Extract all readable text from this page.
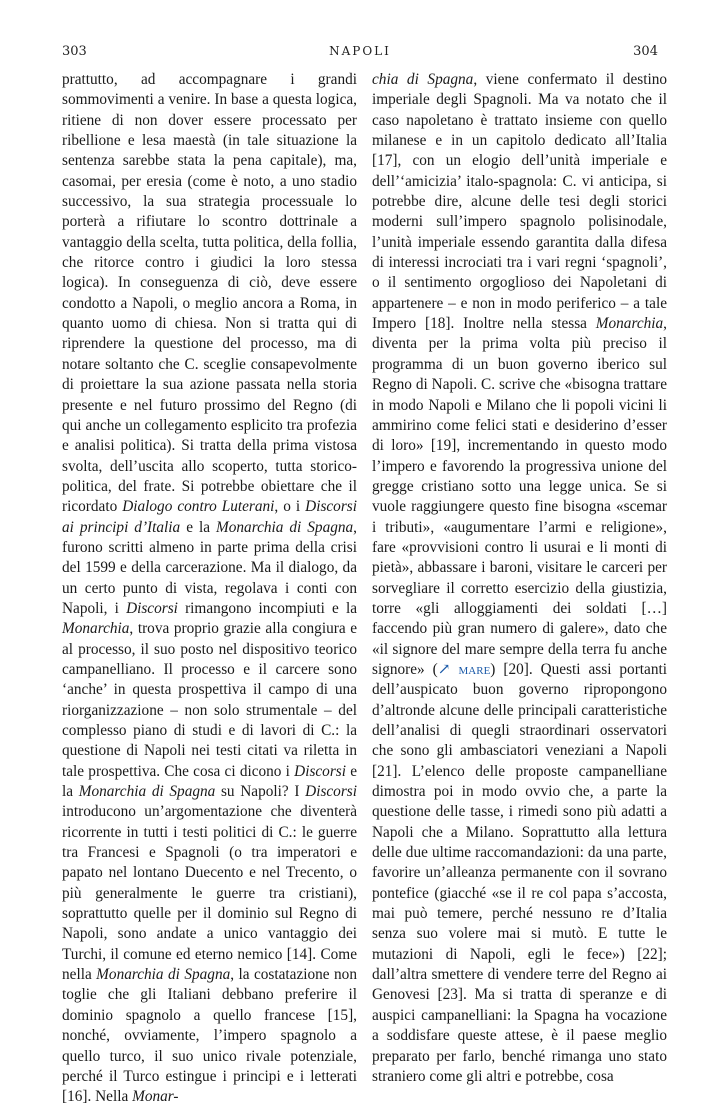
303	NAPOLI	304

prattutto, ad accompagnare i grandi sommovimenti a venire. In base a questa logica, ritiene di non dover essere processato per ribellione e lesa maestà (in tale situazione la sentenza sarebbe stata la pena capitale), ma, casomai, per eresia (come è noto, a uno stadio successivo, la sua strategia processuale lo porterà a rifiutare lo scontro dottrinale a vantaggio della scelta, tutta politica, della follia, che ritorce contro i giudici la loro stessa logica). In conseguenza di ciò, deve essere condotto a Napoli, o meglio ancora a Roma, in quanto uomo di chiesa. Non si tratta qui di riprendere la questione del processo, ma di notare soltanto che C. sceglie consapevolmente di proiettare la sua azione passata nella storia presente e nel futuro prossimo del Regno (di qui anche un collegamento esplicito tra profezia e analisi politica). Si tratta della prima vistosa svolta, dell’uscita allo scoperto, tutta storico-politica, del frate. Si potrebbe obiettare che il ricordato Dialogo contro Luterani, o i Discorsi ai principi d’Italia e la Monarchia di Spagna, furono scritti almeno in parte prima della crisi del 1599 e della carcerazione. Ma il dialogo, da un certo punto di vista, regolava i conti con Napoli, i Discorsi rimangono incompiuti e la Monarchia, trova proprio grazie alla congiura e al processo, il suo posto nel dispositivo teorico campanelliano. Il processo e il carcere sono ‘anche’ in questa prospettiva il campo di una riorganizzazione – non solo strumentale – del complesso piano di studi e di lavori di C.: la questione di Napoli nei testi citati va riletta in tale prospettiva. Che cosa ci dicono i Discorsi e la Monarchia di Spagna su Napoli? I Discorsi introducono un’argomentazione che diventerà ricorrente in tutti i testi politici di C.: le guerre tra Francesi e Spagnoli (o tra imperatori e papato nel lontano Duecento e nel Trecento, o più generalmente le guerre tra cristiani), soprattutto quelle per il dominio sul Regno di Napoli, sono andate a unico vantaggio dei Turchi, il comune ed eterno nemico [14]. Come nella Monarchia di Spagna, la costatazione non toglie che gli Italiani debbano preferire il dominio spagnolo a quello francese [15], nonché, ovviamente, l’impero spagnolo a quello turco, il suo unico rivale potenziale, perché il Turco estingue i principi e i letterati [16]. Nella Monar-

chia di Spagna, viene confermato il destino imperiale degli Spagnoli. Ma va notato che il caso napoletano è trattato insieme con quello milanese e in un capitolo dedicato all’Italia [17], con un elogio dell’unità imperiale e dell’‘amicizia’ italo-spagnola: C. vi anticipa, si potrebbe dire, alcune delle tesi degli storici moderni sull’impero spagnolo polisinodale, l’unità imperiale essendo garantita dalla difesa di interessi incrociati tra i vari regni ‘spagnoli’, o il sentimento orgoglioso dei Napoletani di appartenere – e non in modo periferico – a tale Impero [18]. Inoltre nella stessa Monarchia, diventa per la prima volta più preciso il programma di un buon governo iberico sul Regno di Napoli. C. scrive che «bisogna trattare in modo Napoli e Milano che li popoli vicini li ammirino come felici stati e desiderino d’esser di loro» [19], incrementando in questo modo l’impero e favorendo la progressiva unione del gregge cristiano sotto una legge unica. Se si vuole raggiungere questo fine bisogna «scemar i tributi», «augumentare l’armi e religione», fare «provvisioni contro li usurai e li monti di pietà», abbassare i baroni, visitare le carceri per sorvegliare il corretto esercizio della giustizia, torre «gli alloggiamenti dei soldati […] faccendo più gran numero di galere», dato che «il signore del mare sempre della terra fu anche signore» (↗ mare) [20]. Questi assi portanti dell’auspicato buon governo ripropongono d’altronde alcune delle principali caratteristiche dell’analisi di quegli straordinari osservatori che sono gli ambasciatori veneziani a Napoli [21]. L’elenco delle proposte campanelliane dimostra poi in modo ovvio che, a parte la questione delle tasse, i rimedi sono più adatti a Napoli che a Milano. Soprattutto alla lettura delle due ultime raccomandazioni: da una parte, favorire un’alleanza permanente con il sovrano pontefice (giacché «se il re col papa s’accosta, mai può temere, perché nessuno re d’Italia senza suo volere mai si mutò. E tutte le mutazioni di Napoli, egli le fece») [22]; dall’altra smettere di vendere terre del Regno ai Genovesi [23]. Ma si tratta di speranze e di auspici campanelliani: la Spagna ha vocazione a soddisfare queste attese, è il paese meglio preparato per farlo, benché rimanga uno stato straniero come gli altri e potrebbe, cosa
